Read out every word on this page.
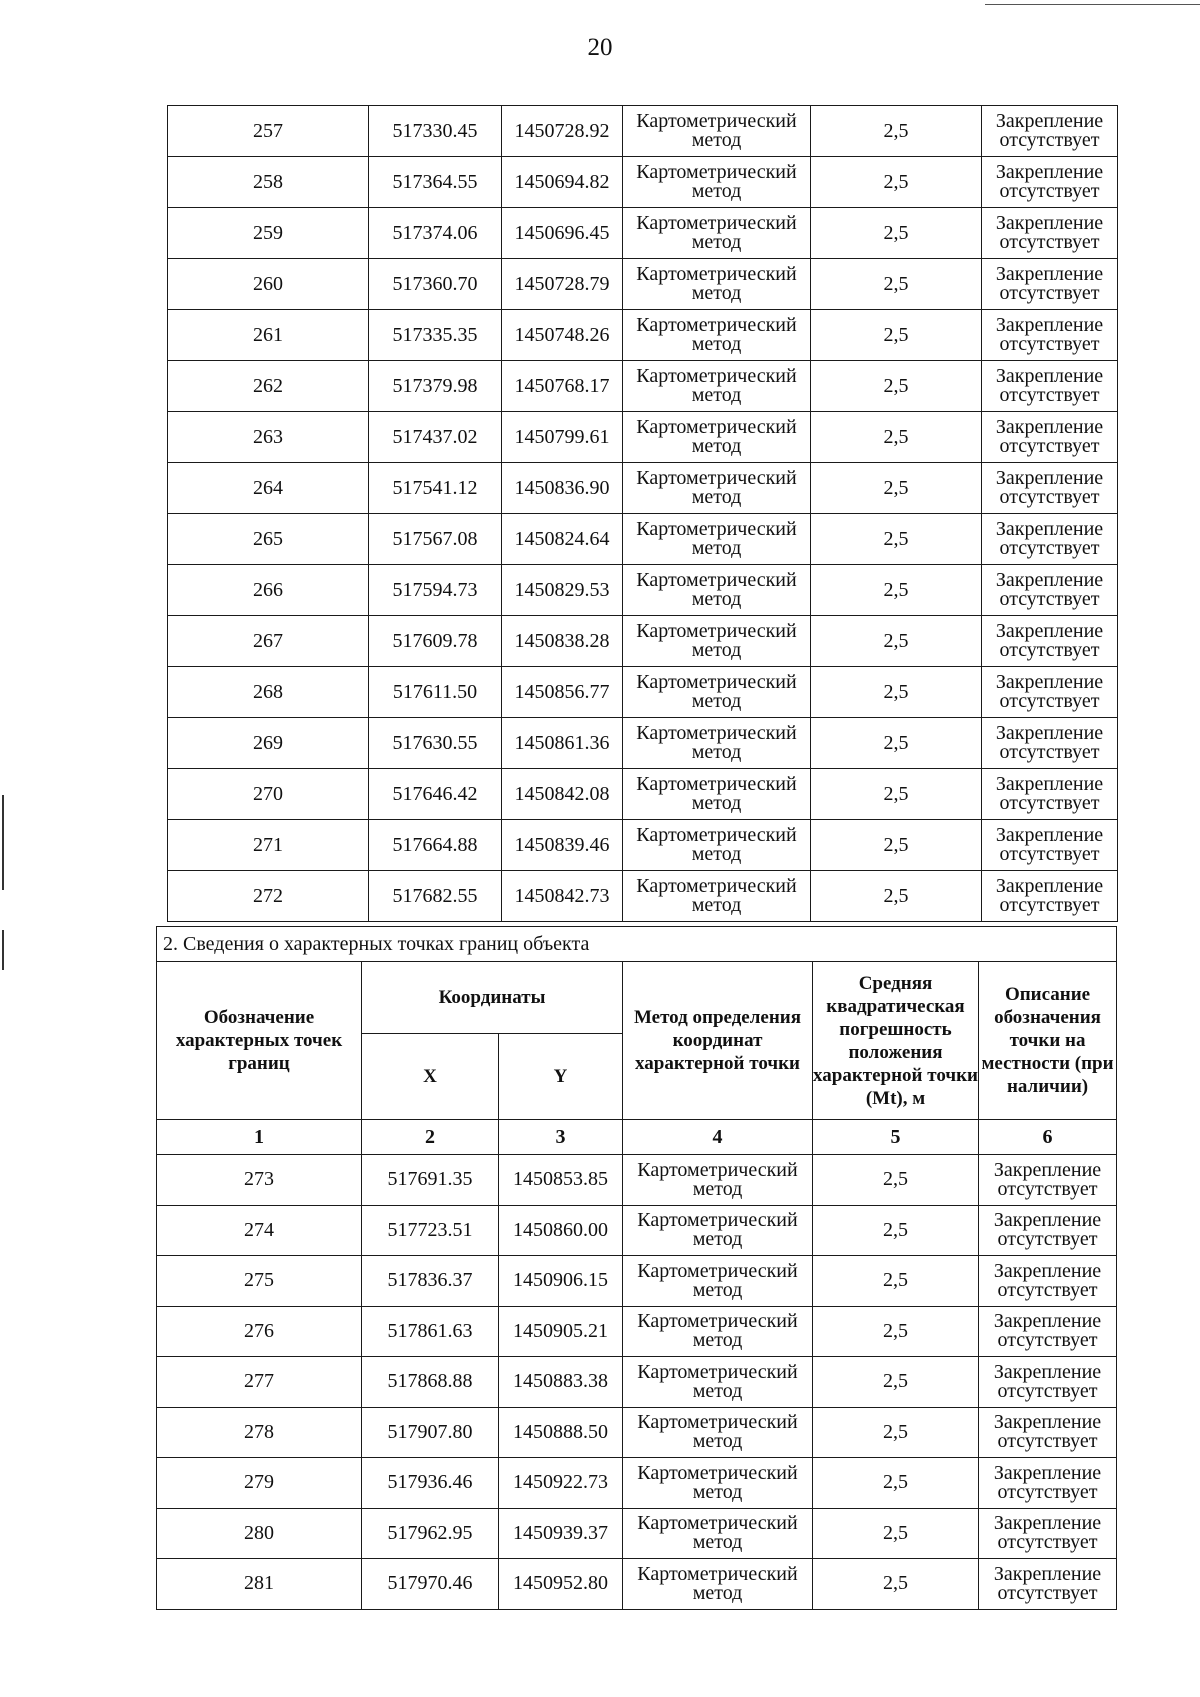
20
257	517330.45	1450728.92	Картометрический метод	2,5	Закрепление отсутствует
258	517364.55	1450694.82	Картометрический метод	2,5	Закрепление отсутствует
259	517374.06	1450696.45	Картометрический метод	2,5	Закрепление отсутствует
260	517360.70	1450728.79	Картометрический метод	2,5	Закрепление отсутствует
261	517335.35	1450748.26	Картометрический метод	2,5	Закрепление отсутствует
262	517379.98	1450768.17	Картометрический метод	2,5	Закрепление отсутствует
263	517437.02	1450799.61	Картометрический метод	2,5	Закрепление отсутствует
264	517541.12	1450836.90	Картометрический метод	2,5	Закрепление отсутствует
265	517567.08	1450824.64	Картометрический метод	2,5	Закрепление отсутствует
266	517594.73	1450829.53	Картометрический метод	2,5	Закрепление отсутствует
267	517609.78	1450838.28	Картометрический метод	2,5	Закрепление отсутствует
268	517611.50	1450856.77	Картометрический метод	2,5	Закрепление отсутствует
269	517630.55	1450861.36	Картометрический метод	2,5	Закрепление отсутствует
270	517646.42	1450842.08	Картометрический метод	2,5	Закрепление отсутствует
271	517664.88	1450839.46	Картометрический метод	2,5	Закрепление отсутствует
272	517682.55	1450842.73	Картометрический метод	2,5	Закрепление отсутствует
2. Сведения о характерных точках границ объекта					
Обозначение характерных точек границ	Координаты		Метод определения координат характерной точки	Средняя квадратическая погрешность положения характерной точки (Mt), м	Описание обозначения точки на местности (при наличии)
	X	Y			
1	2	3	4	5	6
273	517691.35	1450853.85	Картометрический метод	2,5	Закрепление отсутствует
274	517723.51	1450860.00	Картометрический метод	2,5	Закрепление отсутствует
275	517836.37	1450906.15	Картометрический метод	2,5	Закрепление отсутствует
276	517861.63	1450905.21	Картометрический метод	2,5	Закрепление отсутствует
277	517868.88	1450883.38	Картометрический метод	2,5	Закрепление отсутствует
278	517907.80	1450888.50	Картометрический метод	2,5	Закрепление отсутствует
279	517936.46	1450922.73	Картометрический метод	2,5	Закрепление отсутствует
280	517962.95	1450939.37	Картометрический метод	2,5	Закрепление отсутствует
281	517970.46	1450952.80	Картометрический метод	2,5	Закрепление отсутствует
